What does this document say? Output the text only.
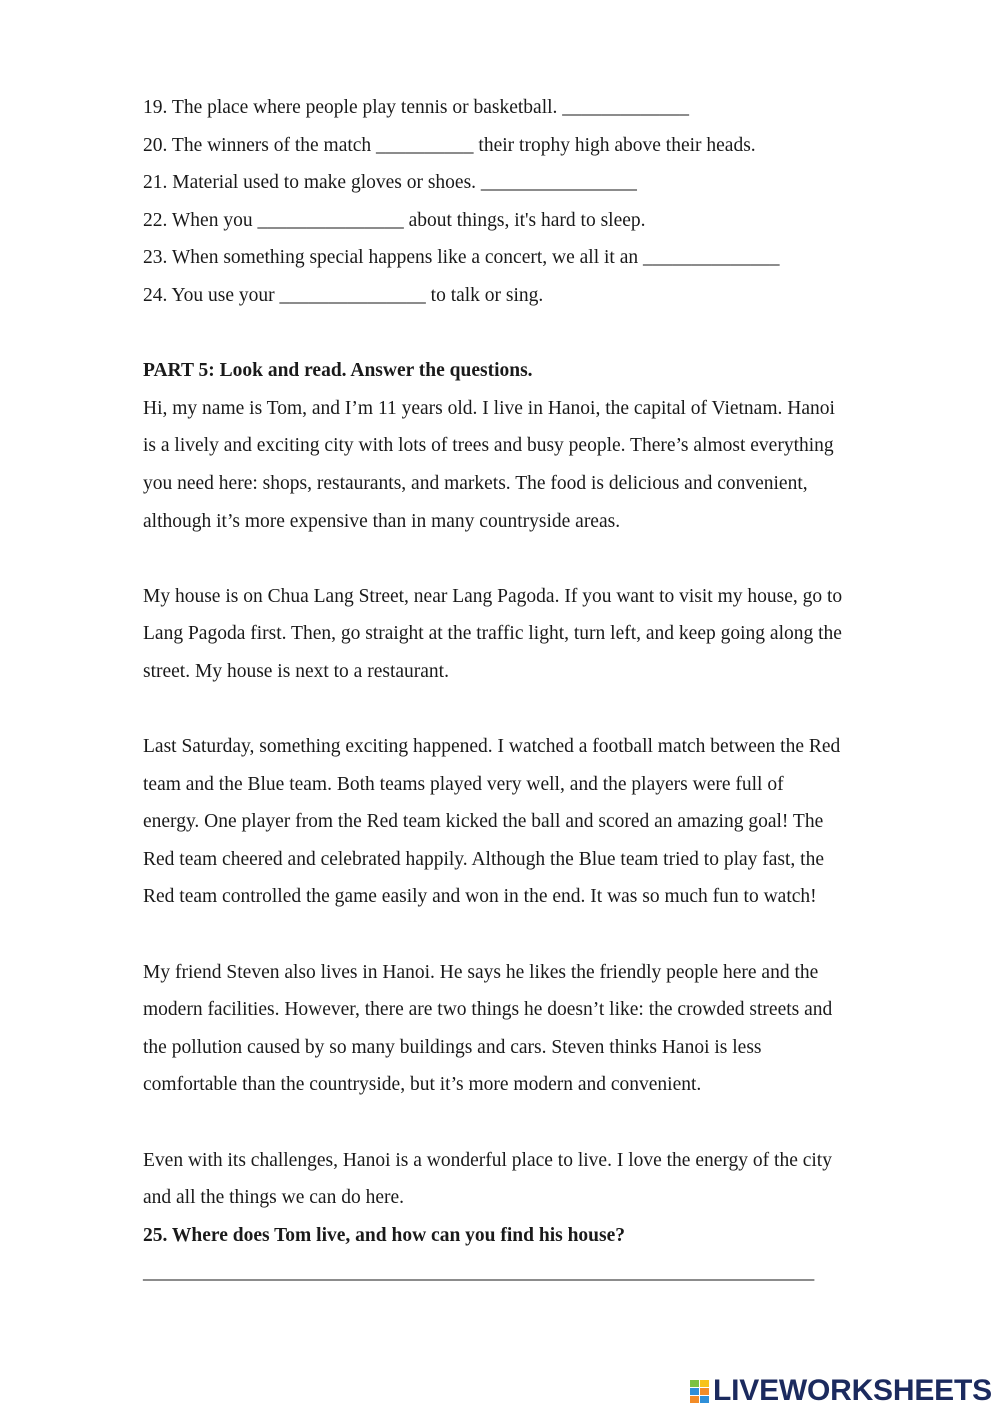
19. The place where people play tennis or basketball. _____________
20. The winners of the match __________ their trophy high above their heads.
21. Material used to make gloves or shoes. ________________
22. When you _______________ about things, it's hard to sleep.
23. When something special happens like a concert, we all it an ______________
24. You use your _______________ to talk or sing.
PART 5: Look and read. Answer the questions.
Hi, my name is Tom, and I’m 11 years old. I live in Hanoi, the capital of Vietnam. Hanoi
is a lively and exciting city with lots of trees and busy people. There’s almost everything
you need here: shops, restaurants, and markets. The food is delicious and convenient,
although it’s more expensive than in many countryside areas.
My house is on Chua Lang Street, near Lang Pagoda. If you want to visit my house, go to
Lang Pagoda first. Then, go straight at the traffic light, turn left, and keep going along the
street. My house is next to a restaurant.
Last Saturday, something exciting happened. I watched a football match between the Red
team and the Blue team. Both teams played very well, and the players were full of
energy. One player from the Red team kicked the ball and scored an amazing goal! The
Red team cheered and celebrated happily. Although the Blue team tried to play fast, the
Red team controlled the game easily and won in the end. It was so much fun to watch!
My friend Steven also lives in Hanoi. He says he likes the friendly people here and the
modern facilities. However, there are two things he doesn’t like: the crowded streets and
the pollution caused by so many buildings and cars. Steven thinks Hanoi is less
comfortable than the countryside, but it’s more modern and convenient.
Even with its challenges, Hanoi is a wonderful place to live. I love the energy of the city
and all the things we can do here.
25. Where does Tom live, and how can you find his house?
_______________________________________________________________________
LIVEWORKSHEETS
